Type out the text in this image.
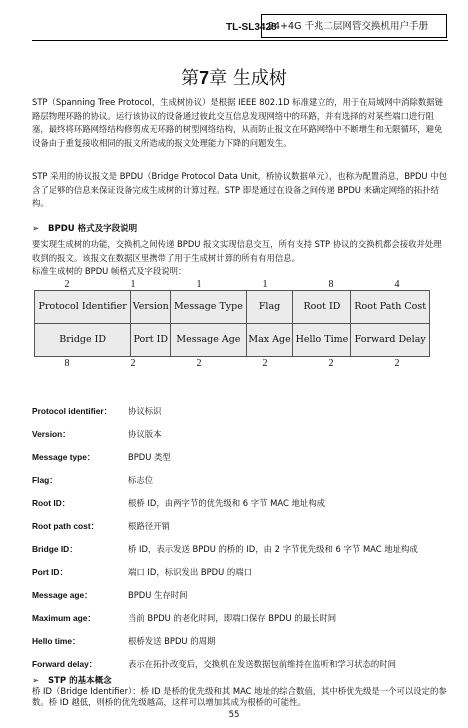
TL-SL3428
24+4G 千兆二层网管交换机用户手册
第7章 生成树
STP（Spanning Tree Protocol，生成树协议）是根据 IEEE 802.1D 标准建立的，用于在局域网中消除数据链路层物理环路的协议。运行该协议的设备通过彼此交互信息发现网络中的环路，并有选择的对某些端口进行阻塞，最终将环路网络结构修剪成无环路的树型网络结构，从而防止报文在环路网络中不断增生和无限循环，避免设备由于重复接收相同的报文所造成的报文处理能力下降的问题发生。
STP 采用的协议报文是 BPDU（Bridge Protocol Data Unit，桥协议数据单元），也称为配置消息，BPDU 中包含了足够的信息来保证设备完成生成树的计算过程。STP 即是通过在设备之间传递 BPDU 来确定网络的拓扑结构。
➢ BPDU 格式及字段说明
要实现生成树的功能，交换机之间传递 BPDU 报文实现信息交互，所有支持 STP 协议的交换机都会接收并处理收到的报文。该报文在数据区里携带了用于生成树计算的所有有用信息。
标准生成树的 BPDU 帧格式及字段说明：
2	1	1	1	8	4
Protocol Identifier	Version	Message Type	Flag	Root ID	Root Path Cost
Bridge ID	Port ID	Message Age	Max Age	Hello Time	Forward Delay
8	2	2	2	2	2
Protocol identifier： 协议标识
Version：	协议版本
Message type：	BPDU 类型
Flag：	标志位
Root ID：	根桥 ID，由两字节的优先级和 6 字节 MAC 地址构成
Root path cost：	根路径开销
Bridge ID：	桥 ID，表示发送 BPDU 的桥的 ID，由 2 字节优先级和 6 字节 MAC 地址构成
Port ID：	端口 ID，标识发出 BPDU 的端口
Message age：	BPDU 生存时间
Maximum age：	当前 BPDU 的老化时间，即端口保存 BPDU 的最长时间
Hello time：	根桥发送 BPDU 的周期
Forward delay：	表示在拓扑改变后，交换机在发送数据包前维持在监听和学习状态的时间
➢ STP 的基本概念
桥 ID（Bridge Identifier）：桥 ID 是桥的优先级和其 MAC 地址的综合数值，其中桥优先级是一个可以设定的参数。桥 ID 越低，则桥的优先级越高，这样可以增加其成为根桥的可能性。
55
